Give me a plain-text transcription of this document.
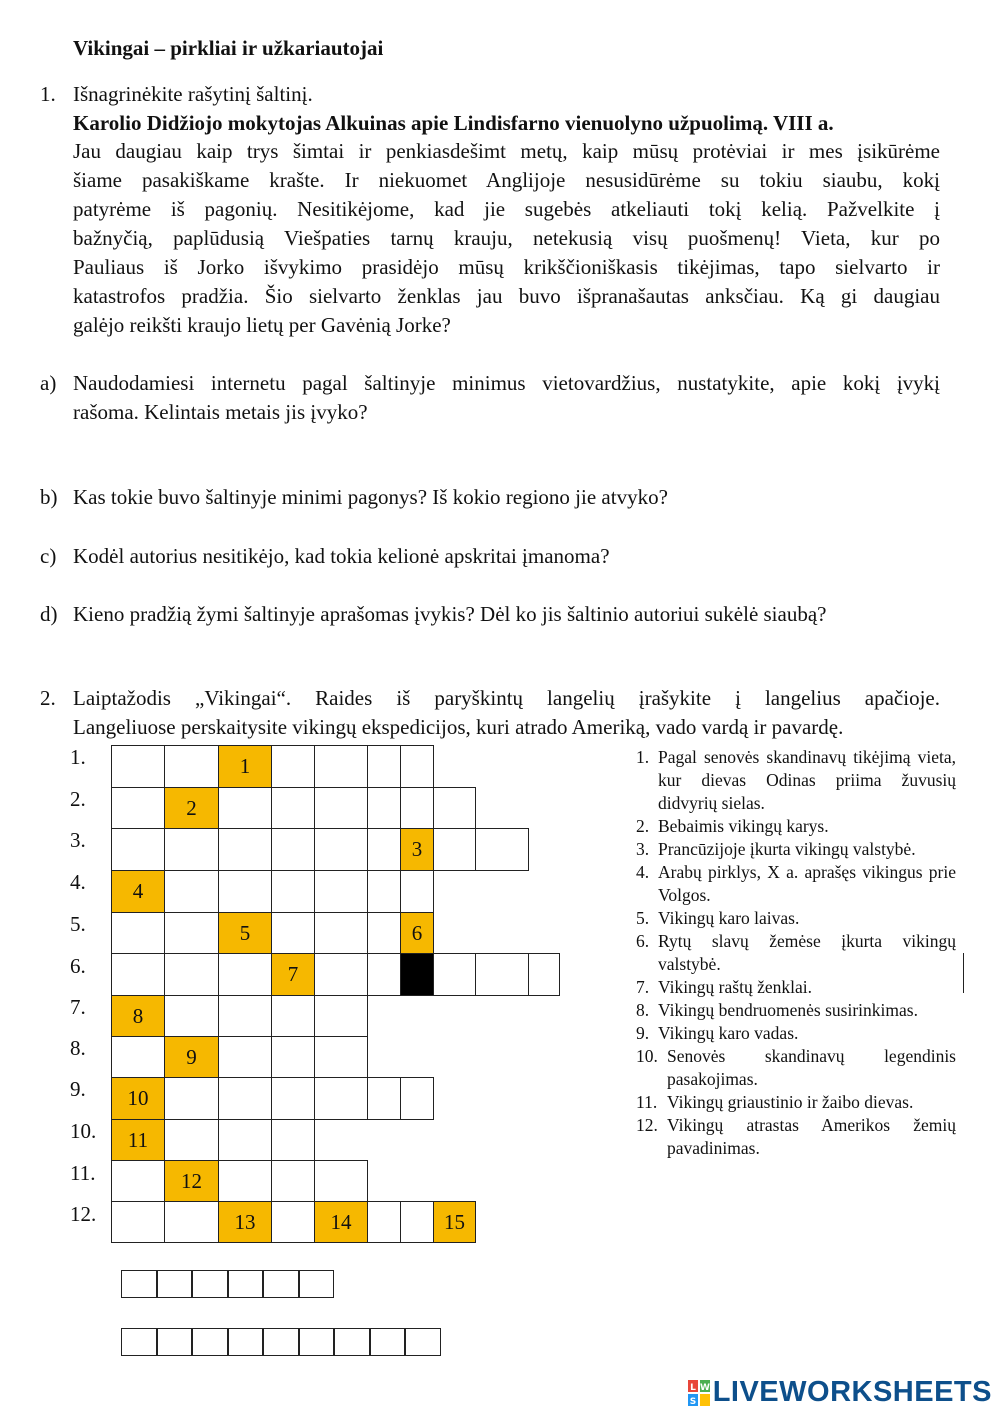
Vikingai – pirkliai ir užkariautojai
1. Išnagrinėkite rašytinį šaltinį.
Karolio Didžiojo mokytojas Alkuinas apie Lindisfarno vienuolyno užpuolimą. VIII a.
Jau daugiau kaip trys šimtai ir penkiasdešimt metų, kaip mūsų protėviai ir mes įsikūrėme
šiame pasakiškame krašte. Ir niekuomet Anglijoje nesusidūrėme su tokiu siaubu, kokį
patyrėme iš pagonių. Nesitikėjome, kad jie sugebės atkeliauti tokį kelią. Pažvelkite į
bažnyčią, paplūdusią Viešpaties tarnų krauju, netekusią visų puošmenų! Vieta, kur po
Pauliaus iš Jorko išvykimo prasidėjo mūsų krikščioniškasis tikėjimas, tapo sielvarto ir
katastrofos pradžia. Šio sielvarto ženklas jau buvo išpranašautas anksčiau. Ką gi daugiau
galėjo reikšti kraujo lietų per Gavėnią Jorke?
a) Naudodamiesi internetu pagal šaltinyje minimus vietovardžius, nustatykite, apie kokį įvykį
rašoma. Kelintais metais jis įvyko?
b) Kas tokie buvo šaltinyje minimi pagonys? Iš kokio regiono jie atvyko?
c) Kodėl autorius nesitikėjo, kad tokia kelionė apskritai įmanoma?
d) Kieno pradžią žymi šaltinyje aprašomas įvykis? Dėl ko jis šaltinio autoriui sukėlė siaubą?
2. Laiptažodis „Vikingai“. Raides iš paryškintų langelių įrašykite į langelius apačioje.
Langeliuose perskaitysite vikingų ekspedicijos, kuri atrado Ameriką, vado vardą ir pavardę.
1.
2.
3.
4.
5.
6.
7.
8.
9.
10.
11.
12.
1
2
3
4
5	6
7
8
9
10
11
12
13	14	15
1. Pagal senovės skandinavų tikėjimą vieta, kur dievas Odinas priima žuvusių didvyrių sielas.
2. Bebaimis vikingų karys.
3. Prancūzijoje įkurta vikingų valstybė.
4. Arabų pirklys, X a. aprašęs vikingus prie Volgos.
5. Vikingų karo laivas.
6. Rytų slavų žemėse įkurta vikingų valstybė.
7. Vikingų raštų ženklai.
8. Vikingų bendruomenės susirinkimas.
9. Vikingų karo vadas.
10. Senovės skandinavų legendinis pasakojimas.
11. Vikingų griaustinio ir žaibo dievas.
12. Vikingų atrastas Amerikos žemių pavadinimas.
L W
S LIVEWORKSHEETS
